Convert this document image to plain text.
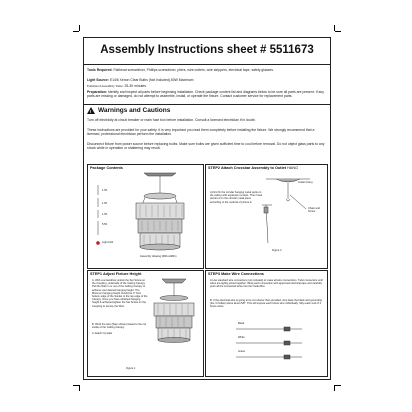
Assembly Instructions sheet # 5511673
Tools Required: Flathead screwdriver, Phillips screwdriver, pliers, wire cutters, wire strippers, electrical tape, safety glasses.
Light Source: E14/6 Xenon Clear Bulbs (Not included),50W Maximum
Estimated Assembly Time: 25-30 minutes
Preparation: Identify and inspect all parts before beginning installation. Check package content list and diagrams below to be sure all parts are present. If any parts are missing or damaged, do not attempt to assemble, install, or operate the fixture. Contact customer service for replacement parts.
!
Warnings and Cautions
Turn off electricity at circuit breaker or main fuse box before installation. Consult a licensed electrician if in doubt.
These instructions are provided for your safety. It is very important you read them completely before installing the fixture. We strongly recommend that a licensed, professional electrician perform the installation.
Disconnect fixture from power source before replacing bulbs. Make sure bulbs are given sufficient time to cool before removal. Do not object glass parts to any shock while in operation or shattering may result.
Package Contents
1.5ft
1.5ft
1.5ft
5.5ft
Light bulb
Assembly drawing (Ø21xH18in)
STEP2 Attach Crossbar Assembly to Outlet HANG
A.First fix the circular hanging metal parts on the ceiling with expansion screws. Then hook picture A on the circular metal piece according to the method of picture A.
Outlet Fixing
Chain and Screw
Figure 2
STEP1 Adjust Fixture Height
A. With a screwdriver,unlock the Set Screw on the Coupling ,underside of the Ceiling Canopy. Pull the Wire in or out of the Ceiling Canopy to achieve your desired hanging height. The Minimum hanging height should be 3" from bottom edge of the Socket to the top edge of the Canopy. Once you have obtained hanging height & achieved,tighten the Set Screw on the Coupling to secure the Wire.
B. Wind the wire (Step shown) based to the cut inside of the Ceiling Canopy.
C.Attach Crystals
Figure 1
STEP3 Make Wire Connections
A.Use standard wire connectors (not included) to make all wire connections. Twist connectors until wires are tightly joined together. Wrap each connection with approved electrical tape and carefully push all the connected wires into the Outlet Box.
B. If the electrical wire is going to be cut shorter than provided, strip back the black and grounding (the 3 Outlets) wires about 5/8". This will expose each future wire individually. Strip each end of 3 future wires.
Black
White
Green
